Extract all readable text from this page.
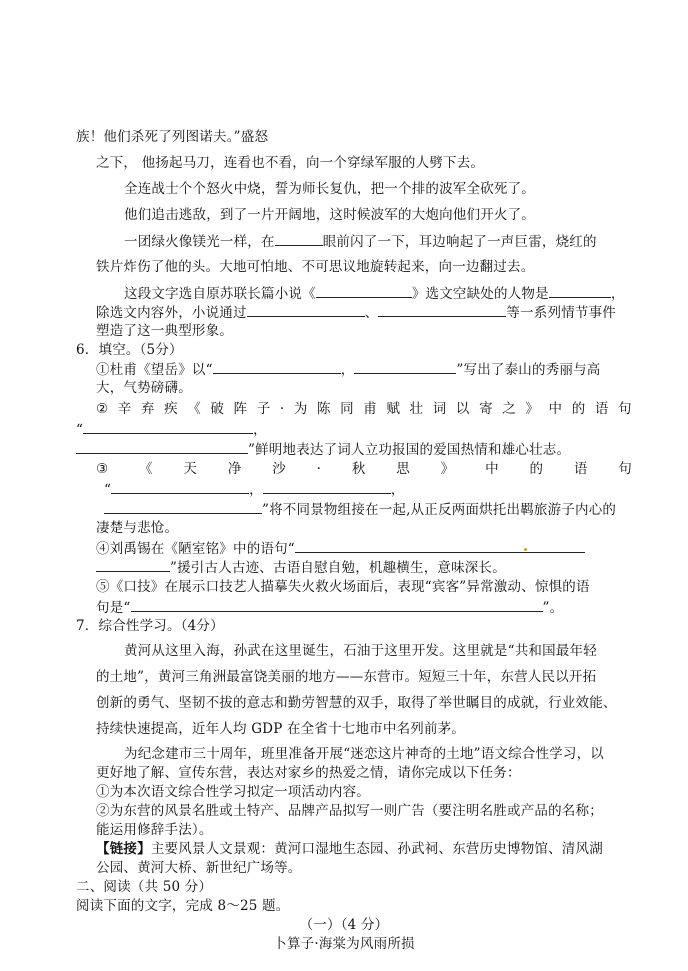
族！他们杀死了列图诺夫。”盛怒
之下， 他扬起马刀，连看也不看，向一个穿绿军服的人劈下去。
全连战士个个怒火中烧，誓为师长复仇，把一个排的波军全砍死了。
他们追击逃敌，到了一片开阔地，这时候波军的大炮向他们开火了。
一团绿火像镁光一样，在	眼前闪了一下，耳边响起了一声巨雷，烧红的
铁片炸伤了他的头。大地可怕地、不可思议地旋转起来，向一边翻过去。
这段文字选自原苏联长篇小说《	》选文空缺处的人物是	，
除选文内容外，小说通过	、	等一系列情节事件
塑造了这一典型形象。
6．填空。（5分）
①杜甫《望岳》以“	，	”写出了泰山的秀丽与高
大，气势磅礴。
② 辛 弃 疾 《 破 阵 子 · 为 陈 同 甫 赋 壮 词 以 寄 之 》 中 的 语 句
“	，
”鲜明地表达了词人立功报国的爱国热情和雄心壮志。
③ 《 天 净 沙 · 秋 思 》 中 的 语 句
“	，	，
”将不同景物组接在一起,从正反两面烘托出羁旅游子内心的
凄楚与悲怆。
④刘禹锡在《陋室铭》中的语句“
”援引古人古迹、古语自慰自勉，机趣横生，意味深长。
⑤《口技》在展示口技艺人描摹失火救火场面后，表现“宾客”异常激动、惊惧的语
句是“	”。
7．综合性学习。（4分）
黄河从这里入海，孙武在这里诞生，石油于这里开发。这里就是“共和国最年轻
的土地”，黄河三角洲最富饶美丽的地方——东营市。短短三十年，东营人民以开拓
创新的勇气、坚韧不拔的意志和勤劳智慧的双手，取得了举世瞩目的成就，行业效能、
持续快速提高，近年人均 GDP 在全省十七地市中名列前茅。
为纪念建市三十周年，班里准备开展“迷恋这片神奇的土地”语文综合性学习，以
更好地了解、宣传东营，表达对家乡的热爱之情，请你完成以下任务：
①为本次语文综合性学习拟定一项活动内容。
②为东营的风景名胜或土特产、品牌产品拟写一则广告（要注明名胜或产品的名称；
能运用修辞手法）。
【链接】主要风景人文景观：黄河口湿地生态园、孙武祠、东营历史博物馆、清风湖
公园、黄河大桥、新世纪广场等。
二、阅读（共 50 分）
阅读下面的文字，完成 8～25 题。
（一）（4 分）
卜算子·海棠为风雨所损
